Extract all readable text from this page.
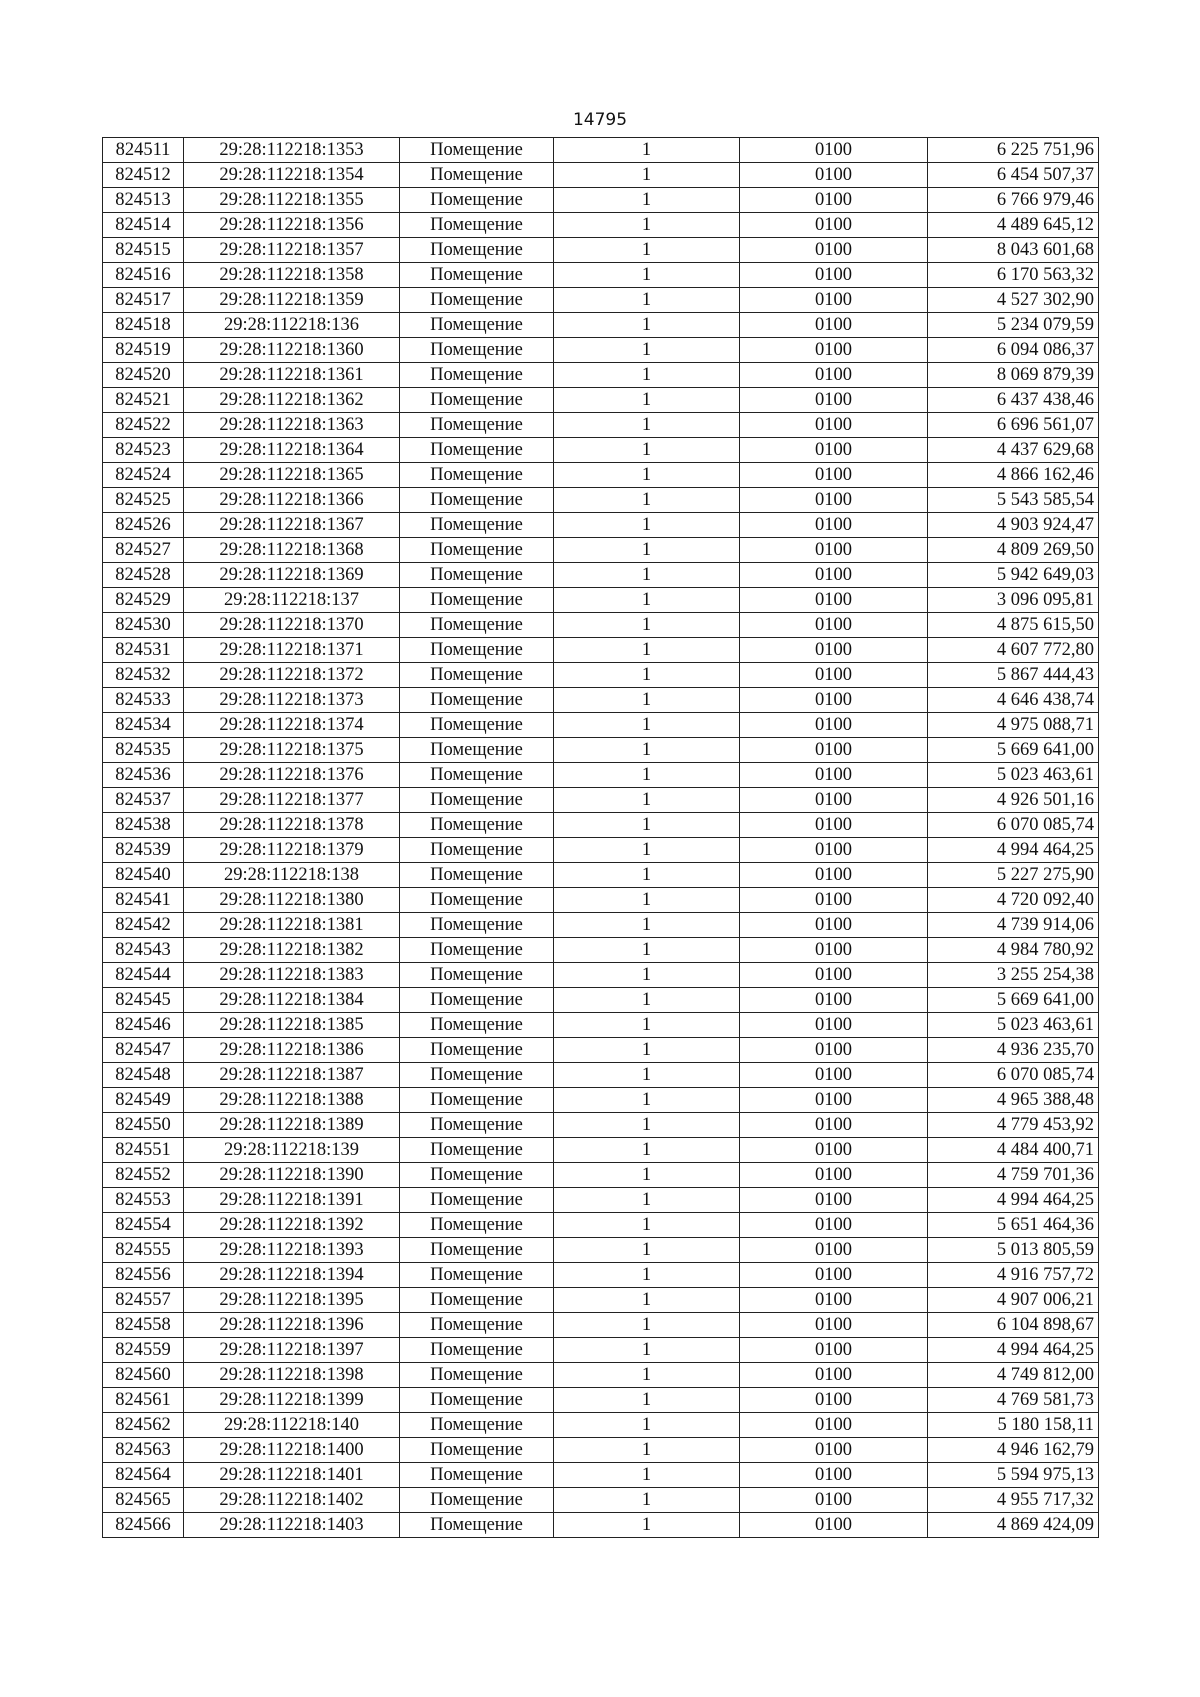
14795
824511	29:28:112218:1353	Помещение	1	0100	6 225 751,96
824512	29:28:112218:1354	Помещение	1	0100	6 454 507,37
824513	29:28:112218:1355	Помещение	1	0100	6 766 979,46
824514	29:28:112218:1356	Помещение	1	0100	4 489 645,12
824515	29:28:112218:1357	Помещение	1	0100	8 043 601,68
824516	29:28:112218:1358	Помещение	1	0100	6 170 563,32
824517	29:28:112218:1359	Помещение	1	0100	4 527 302,90
824518	29:28:112218:136	Помещение	1	0100	5 234 079,59
824519	29:28:112218:1360	Помещение	1	0100	6 094 086,37
824520	29:28:112218:1361	Помещение	1	0100	8 069 879,39
824521	29:28:112218:1362	Помещение	1	0100	6 437 438,46
824522	29:28:112218:1363	Помещение	1	0100	6 696 561,07
824523	29:28:112218:1364	Помещение	1	0100	4 437 629,68
824524	29:28:112218:1365	Помещение	1	0100	4 866 162,46
824525	29:28:112218:1366	Помещение	1	0100	5 543 585,54
824526	29:28:112218:1367	Помещение	1	0100	4 903 924,47
824527	29:28:112218:1368	Помещение	1	0100	4 809 269,50
824528	29:28:112218:1369	Помещение	1	0100	5 942 649,03
824529	29:28:112218:137	Помещение	1	0100	3 096 095,81
824530	29:28:112218:1370	Помещение	1	0100	4 875 615,50
824531	29:28:112218:1371	Помещение	1	0100	4 607 772,80
824532	29:28:112218:1372	Помещение	1	0100	5 867 444,43
824533	29:28:112218:1373	Помещение	1	0100	4 646 438,74
824534	29:28:112218:1374	Помещение	1	0100	4 975 088,71
824535	29:28:112218:1375	Помещение	1	0100	5 669 641,00
824536	29:28:112218:1376	Помещение	1	0100	5 023 463,61
824537	29:28:112218:1377	Помещение	1	0100	4 926 501,16
824538	29:28:112218:1378	Помещение	1	0100	6 070 085,74
824539	29:28:112218:1379	Помещение	1	0100	4 994 464,25
824540	29:28:112218:138	Помещение	1	0100	5 227 275,90
824541	29:28:112218:1380	Помещение	1	0100	4 720 092,40
824542	29:28:112218:1381	Помещение	1	0100	4 739 914,06
824543	29:28:112218:1382	Помещение	1	0100	4 984 780,92
824544	29:28:112218:1383	Помещение	1	0100	3 255 254,38
824545	29:28:112218:1384	Помещение	1	0100	5 669 641,00
824546	29:28:112218:1385	Помещение	1	0100	5 023 463,61
824547	29:28:112218:1386	Помещение	1	0100	4 936 235,70
824548	29:28:112218:1387	Помещение	1	0100	6 070 085,74
824549	29:28:112218:1388	Помещение	1	0100	4 965 388,48
824550	29:28:112218:1389	Помещение	1	0100	4 779 453,92
824551	29:28:112218:139	Помещение	1	0100	4 484 400,71
824552	29:28:112218:1390	Помещение	1	0100	4 759 701,36
824553	29:28:112218:1391	Помещение	1	0100	4 994 464,25
824554	29:28:112218:1392	Помещение	1	0100	5 651 464,36
824555	29:28:112218:1393	Помещение	1	0100	5 013 805,59
824556	29:28:112218:1394	Помещение	1	0100	4 916 757,72
824557	29:28:112218:1395	Помещение	1	0100	4 907 006,21
824558	29:28:112218:1396	Помещение	1	0100	6 104 898,67
824559	29:28:112218:1397	Помещение	1	0100	4 994 464,25
824560	29:28:112218:1398	Помещение	1	0100	4 749 812,00
824561	29:28:112218:1399	Помещение	1	0100	4 769 581,73
824562	29:28:112218:140	Помещение	1	0100	5 180 158,11
824563	29:28:112218:1400	Помещение	1	0100	4 946 162,79
824564	29:28:112218:1401	Помещение	1	0100	5 594 975,13
824565	29:28:112218:1402	Помещение	1	0100	4 955 717,32
824566	29:28:112218:1403	Помещение	1	0100	4 869 424,09
